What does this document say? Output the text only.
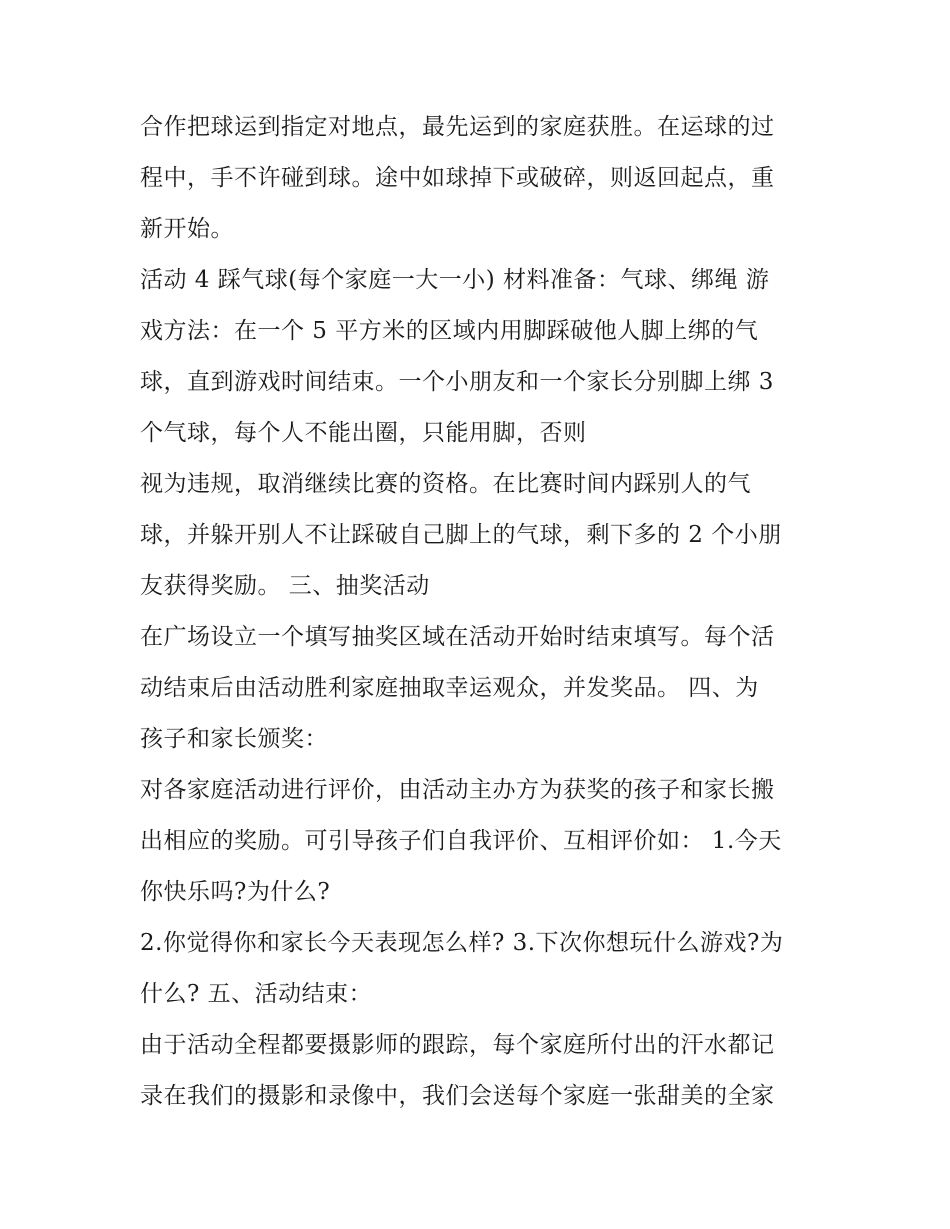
合作把球运到指定对地点，最先运到的家庭获胜。在运球的过
程中，手不许碰到球。途中如球掉下或破碎，则返回起点，重
新开始。
活动 4 踩气球(每个家庭一大一小) 材料准备：气球、绑绳 游
戏方法：在一个 5 平方米的区域内用脚踩破他人脚上绑的气
球，直到游戏时间结束。一个小朋友和一个家长分别脚上绑 3
个气球，每个人不能出圈，只能用脚，否则
视为违规，取消继续比赛的资格。在比赛时间内踩别人的气
球，并躲开别人不让踩破自己脚上的气球，剩下多的 2 个小朋
友获得奖励。 三、抽奖活动
在广场设立一个填写抽奖区域在活动开始时结束填写。每个活
动结束后由活动胜利家庭抽取幸运观众，并发奖品。 四、为
孩子和家长颁奖：
对各家庭活动进行评价，由活动主办方为获奖的孩子和家长搬
出相应的奖励。可引导孩子们自我评价、互相评价如： 1.今天
你快乐吗?为什么?
2.你觉得你和家长今天表现怎么样? 3.下次你想玩什么游戏?为
什么? 五、活动结束：
由于活动全程都要摄影师的跟踪，每个家庭所付出的汗水都记
录在我们的摄影和录像中，我们会送每个家庭一张甜美的全家
